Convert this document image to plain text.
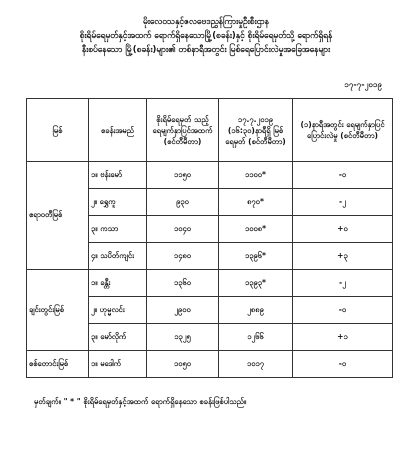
မိုးလေဝသနှင့်ဇလဗေဒညွှန်ကြားမှုဦးစီးဌာန
စိုးရိမ်ရေမှတ်နှင့်အထက် ရောက်ရှိနေသောမြို့(စခန်း)နှင့် စိုးရိမ်ရေမှတ်သို့ ရောက်ရှိရန်
နီးစပ်နေသော မြို့(စခန်း)များ၏ တစ်နာရီအတွင်း မြစ်ရေပြောင်းလဲမှုအခြေအနေများ
၁၇-၇-၂၀၁၉
မြစ်	စခန်းအမည်	စိုးရိမ်ရေမှတ် သည့်ရေမျက်နှာပြင်အထက် (စင်တီမီတာ)	၁၇.၇.၂၀၁၉ (၁၆:၃၀)နာရီရှိ မြစ်ရေမှတ် (စင်တီမီတာ)	(၁)နာရီအတွင်း ရေမျက်နှာပြင်ပြောင်းလဲမှု (စင်တီမီတာ)
ဧရာဝတီမြစ်	၁။ ဗန်းမော်	၁၁၅၀	၁၁၀၀*	-၀
	၂။ ရွှေကူ	၉၃၀	၈၇၀*	-၂
	၃။ ကသာ	၁၀၄၀	၁၀၀၈*	+၀
	၄။ သပိတ်ကျင်း	၁၄၈၀	၁၃၉၆*	+၃
ချင်းတွင်းမြစ်	၁။ ခန္တီး	၁၃၆၀	၁၃၉၃*	-၂
	၂။ ဟုမ္မလင်း	၂၉၀၀	၂၈၈၉	-၀
	၃။ မော်လိုက်	၁၃၂၅	၁၂၆၆	+၁
စစ်တောင်းမြစ်	၁။ မဒေါက်	၁၀၅၀	၁၀၁၇	-၀
မှတ်ချက်။ " * " စိုးရိမ်ရေမှတ်နှင့်အထက် ရောက်ရှိနေသော စခန်းဖြစ်ပါသည်။
